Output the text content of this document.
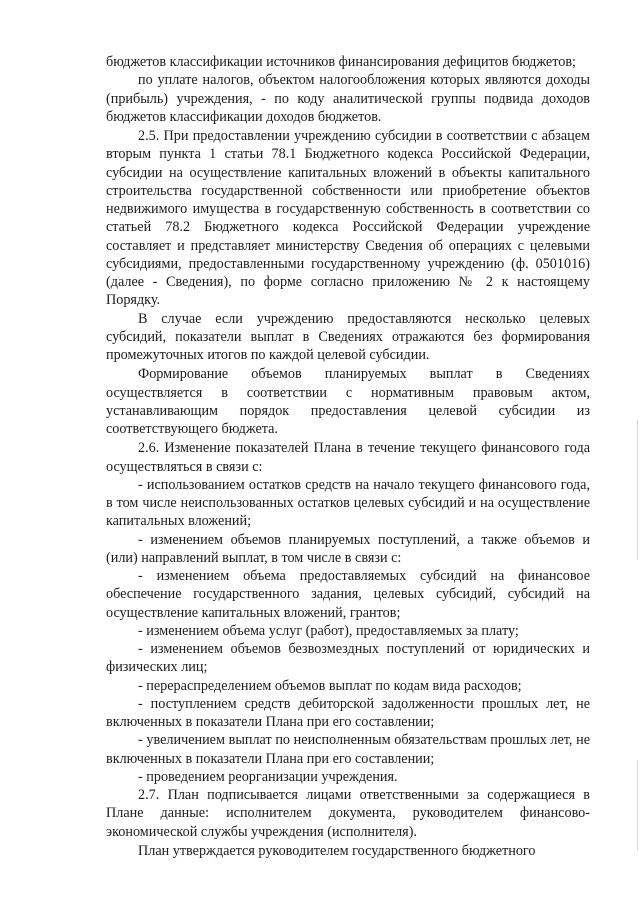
бюджетов классификации источников финансирования дефицитов бюджетов;

по уплате налогов, объектом налогообложения которых являются доходы (прибыль) учреждения, - по коду аналитической группы подвида доходов бюджетов классификации доходов бюджетов.

2.5. При предоставлении учреждению субсидии в соответствии с абзацем вторым пункта 1 статьи 78.1 Бюджетного кодекса Российской Федерации, субсидии на осуществление капитальных вложений в объекты капитального строительства государственной собственности или приобретение объектов недвижимого имущества в государственную собственность в соответствии со статьей 78.2 Бюджетного кодекса Российской Федерации учреждение составляет и представляет министерству Сведения об операциях с целевыми субсидиями, предоставленными государственному учреждению (ф. 0501016) (далее - Сведения), по форме согласно приложению № 2 к настоящему Порядку.

В случае если учреждению предоставляются несколько целевых субсидий, показатели выплат в Сведениях отражаются без формирования промежуточных итогов по каждой целевой субсидии.

Формирование объемов планируемых выплат в Сведениях осуществляется в соответствии с нормативным правовым актом, устанавливающим порядок предоставления целевой субсидии из соответствующего бюджета.

2.6. Изменение показателей Плана в течение текущего финансового года осуществляться в связи с:

- использованием остатков средств на начало текущего финансового года, в том числе неиспользованных остатков целевых субсидий и на осуществление капитальных вложений;

- изменением объемов планируемых поступлений, а также объемов и (или) направлений выплат, в том числе в связи с:

- изменением объема предоставляемых субсидий на финансовое обеспечение государственного задания, целевых субсидий, субсидий на осуществление капитальных вложений, грантов;

- изменением объема услуг (работ), предоставляемых за плату;

- изменением объемов безвозмездных поступлений от юридических и физических лиц;

- перераспределением объемов выплат по кодам вида расходов;

- поступлением средств дебиторской задолженности прошлых лет, не включенных в показатели Плана при его составлении;

- увеличением выплат по неисполненным обязательствам прошлых лет, не включенных в показатели Плана при его составлении;

- проведением реорганизации учреждения.

2.7. План подписывается лицами ответственными за содержащиеся в Плане данные: исполнителем документа, руководителем финансово-экономической службы учреждения (исполнителя).

План утверждается руководителем государственного бюджетного
